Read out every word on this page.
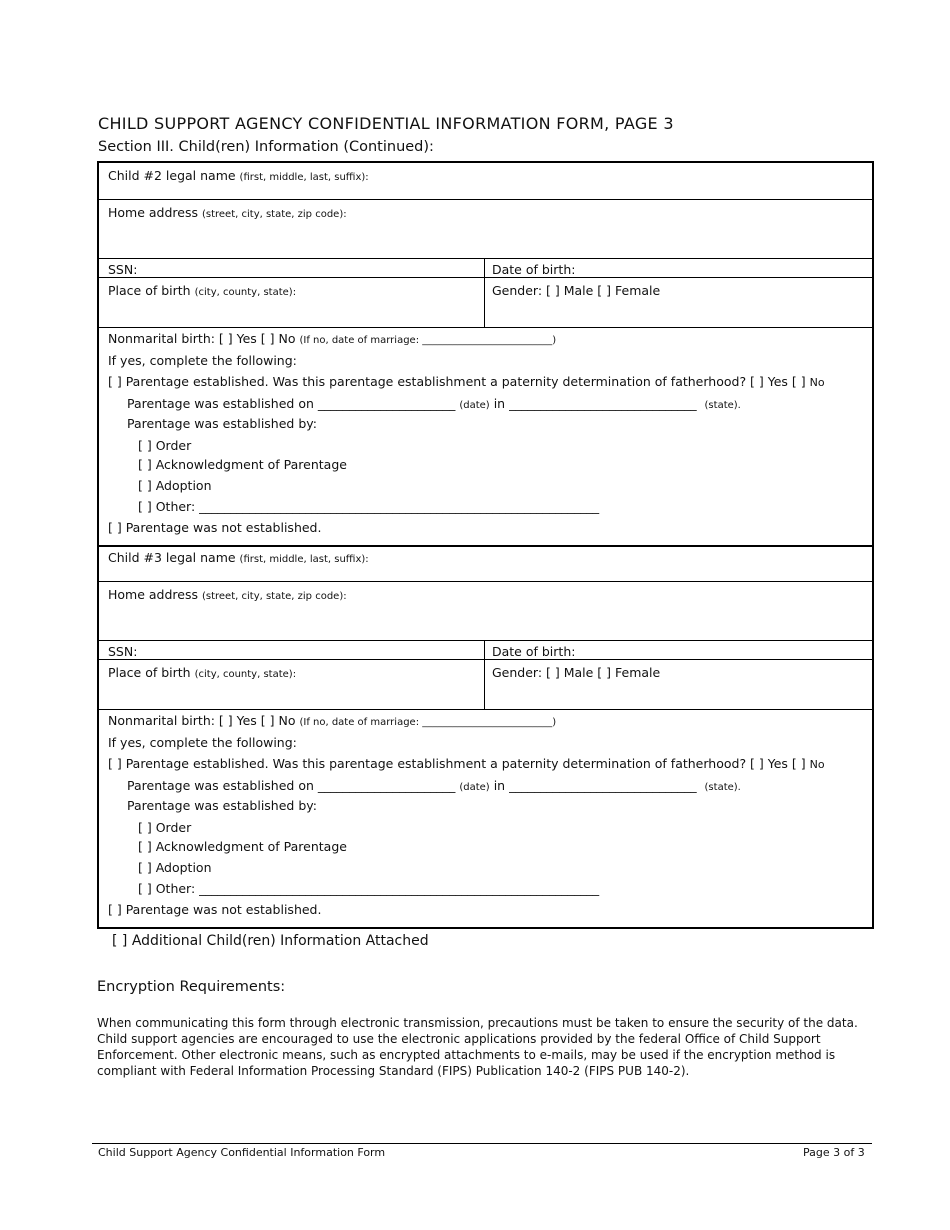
CHILD SUPPORT AGENCY CONFIDENTIAL INFORMATION FORM, PAGE 3
Section III. Child(ren) Information (Continued):
Child #2 legal name (first, middle, last, suffix):
Home address (street, city, state, zip code):
SSN:	Date of birth:
Place of birth (city, county, state):	Gender: [ ] Male [ ] Female
Nonmarital birth: [ ] Yes [ ] No (If no, date of marriage: __________________________)
If yes, complete the following:
[ ] Parentage established. Was this parentage establishment a paternity determination of fatherhood? [ ] Yes [ ] No
Parentage was established on ______________________ (date) in ______________________________ (state).
Parentage was established by:
[ ] Order
[ ] Acknowledgment of Parentage
[ ] Adoption
[ ] Other: ________________________________________________________________
[ ] Parentage was not established.
Child #3 legal name (first, middle, last, suffix):
Home address (street, city, state, zip code):
SSN:	Date of birth:
Place of birth (city, county, state):	Gender: [ ] Male [ ] Female
Nonmarital birth: [ ] Yes [ ] No (If no, date of marriage: __________________________)
If yes, complete the following:
[ ] Parentage established. Was this parentage establishment a paternity determination of fatherhood? [ ] Yes [ ] No
Parentage was established on ______________________ (date) in ______________________________ (state).
Parentage was established by:
[ ] Order
[ ] Acknowledgment of Parentage
[ ] Adoption
[ ] Other: ________________________________________________________________
[ ] Parentage was not established.
[ ] Additional Child(ren) Information Attached
Encryption Requirements:
When communicating this form through electronic transmission, precautions must be taken to ensure the security of the data. Child support agencies are encouraged to use the electronic applications provided by the federal Office of Child Support Enforcement. Other electronic means, such as encrypted attachments to e-mails, may be used if the encryption method is compliant with Federal Information Processing Standard (FIPS) Publication 140-2 (FIPS PUB 140-2).
Child Support Agency Confidential Information Form	Page 3 of 3
